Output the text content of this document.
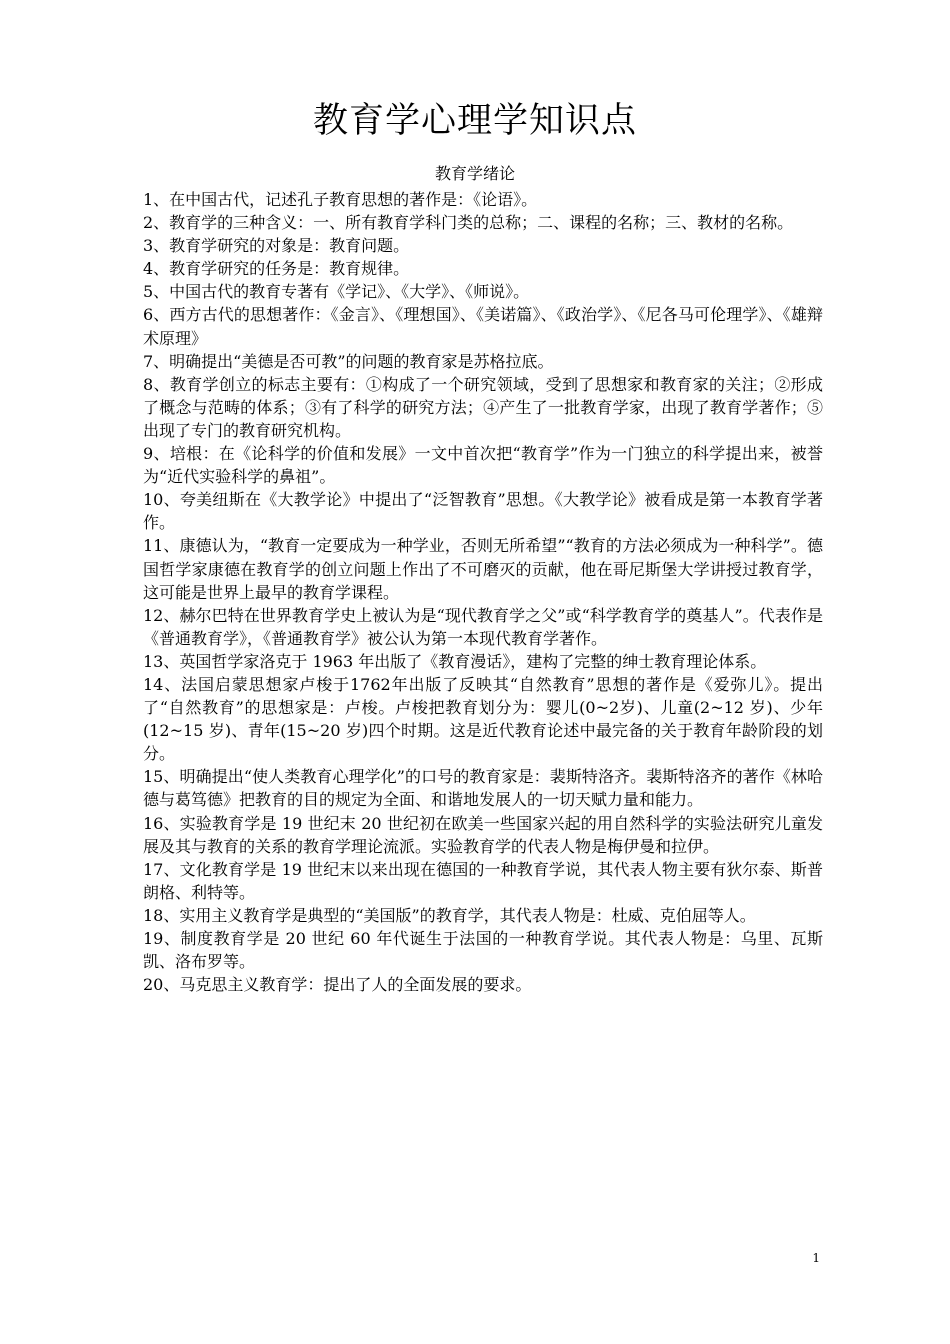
教育学心理学知识点
教育学绪论

1、在中国古代，记述孔子教育思想的著作是：《论语》。

2、教育学的三种含义：一、所有教育学科门类的总称；二、课程的名称；三、教材的名称。

3、教育学研究的对象是：教育问题。

4、教育学研究的任务是：教育规律。

5、中国古代的教育专著有《学记》、《大学》、《师说》。

6、西方古代的思想著作：《金言》、《理想国》、《美诺篇》、《政治学》、《尼各马可伦理学》、《雄辩术原理》

7、明确提出“美德是否可教”的问题的教育家是苏格拉底。

8、教育学创立的标志主要有：①构成了一个研究领域，受到了思想家和教育家的关注；②形成了概念与范畴的体系；③有了科学的研究方法；④产生了一批教育学家，出现了教育学著作；⑤出现了专门的教育研究机构。

9、培根：在《论科学的价值和发展》一文中首次把“教育学”作为一门独立的科学提出来，被誉为“近代实验科学的鼻祖”。

10、夸美纽斯在《大教学论》中提出了“泛智教育”思想。《大教学论》被看成是第一本教育学著作。

11、康德认为，“教育一定要成为一种学业，否则无所希望”“教育的方法必须成为一种科学”。德国哲学家康德在教育学的创立问题上作出了不可磨灭的贡献，他在哥尼斯堡大学讲授过教育学，这可能是世界上最早的教育学课程。

12、赫尔巴特在世界教育学史上被认为是“现代教育学之父”或“科学教育学的奠基人”。代表作是《普通教育学》，《普通教育学》被公认为第一本现代教育学著作。

13、英国哲学家洛克于 1963 年出版了《教育漫话》，建构了完整的绅士教育理论体系。

14、法国启蒙思想家卢梭于1762年出版了反映其“自然教育”思想的著作是《爱弥儿》。提出了“自然教育”的思想家是：卢梭。卢梭把教育划分为：婴儿(0~2岁)、儿童(2~12 岁)、少年(12~15 岁)、青年(15~20 岁)四个时期。这是近代教育论述中最完备的关于教育年龄阶段的划分。

15、明确提出“使人类教育心理学化”的口号的教育家是：裴斯特洛齐。裴斯特洛齐的著作《林哈德与葛笃德》把教育的目的规定为全面、和谐地发展人的一切天赋力量和能力。

16、实验教育学是 19 世纪末 20 世纪初在欧美一些国家兴起的用自然科学的实验法研究儿童发展及其与教育的关系的教育学理论流派。实验教育学的代表人物是梅伊曼和拉伊。

17、文化教育学是 19 世纪末以来出现在德国的一种教育学说，其代表人物主要有狄尔泰、斯普朗格、利特等。

18、实用主义教育学是典型的“美国版”的教育学，其代表人物是：杜威、克伯屈等人。

19、制度教育学是 20 世纪 60 年代诞生于法国的一种教育学说。其代表人物是：乌里、瓦斯凯、洛布罗等。

20、马克思主义教育学：提出了人的全面发展的要求。

1
